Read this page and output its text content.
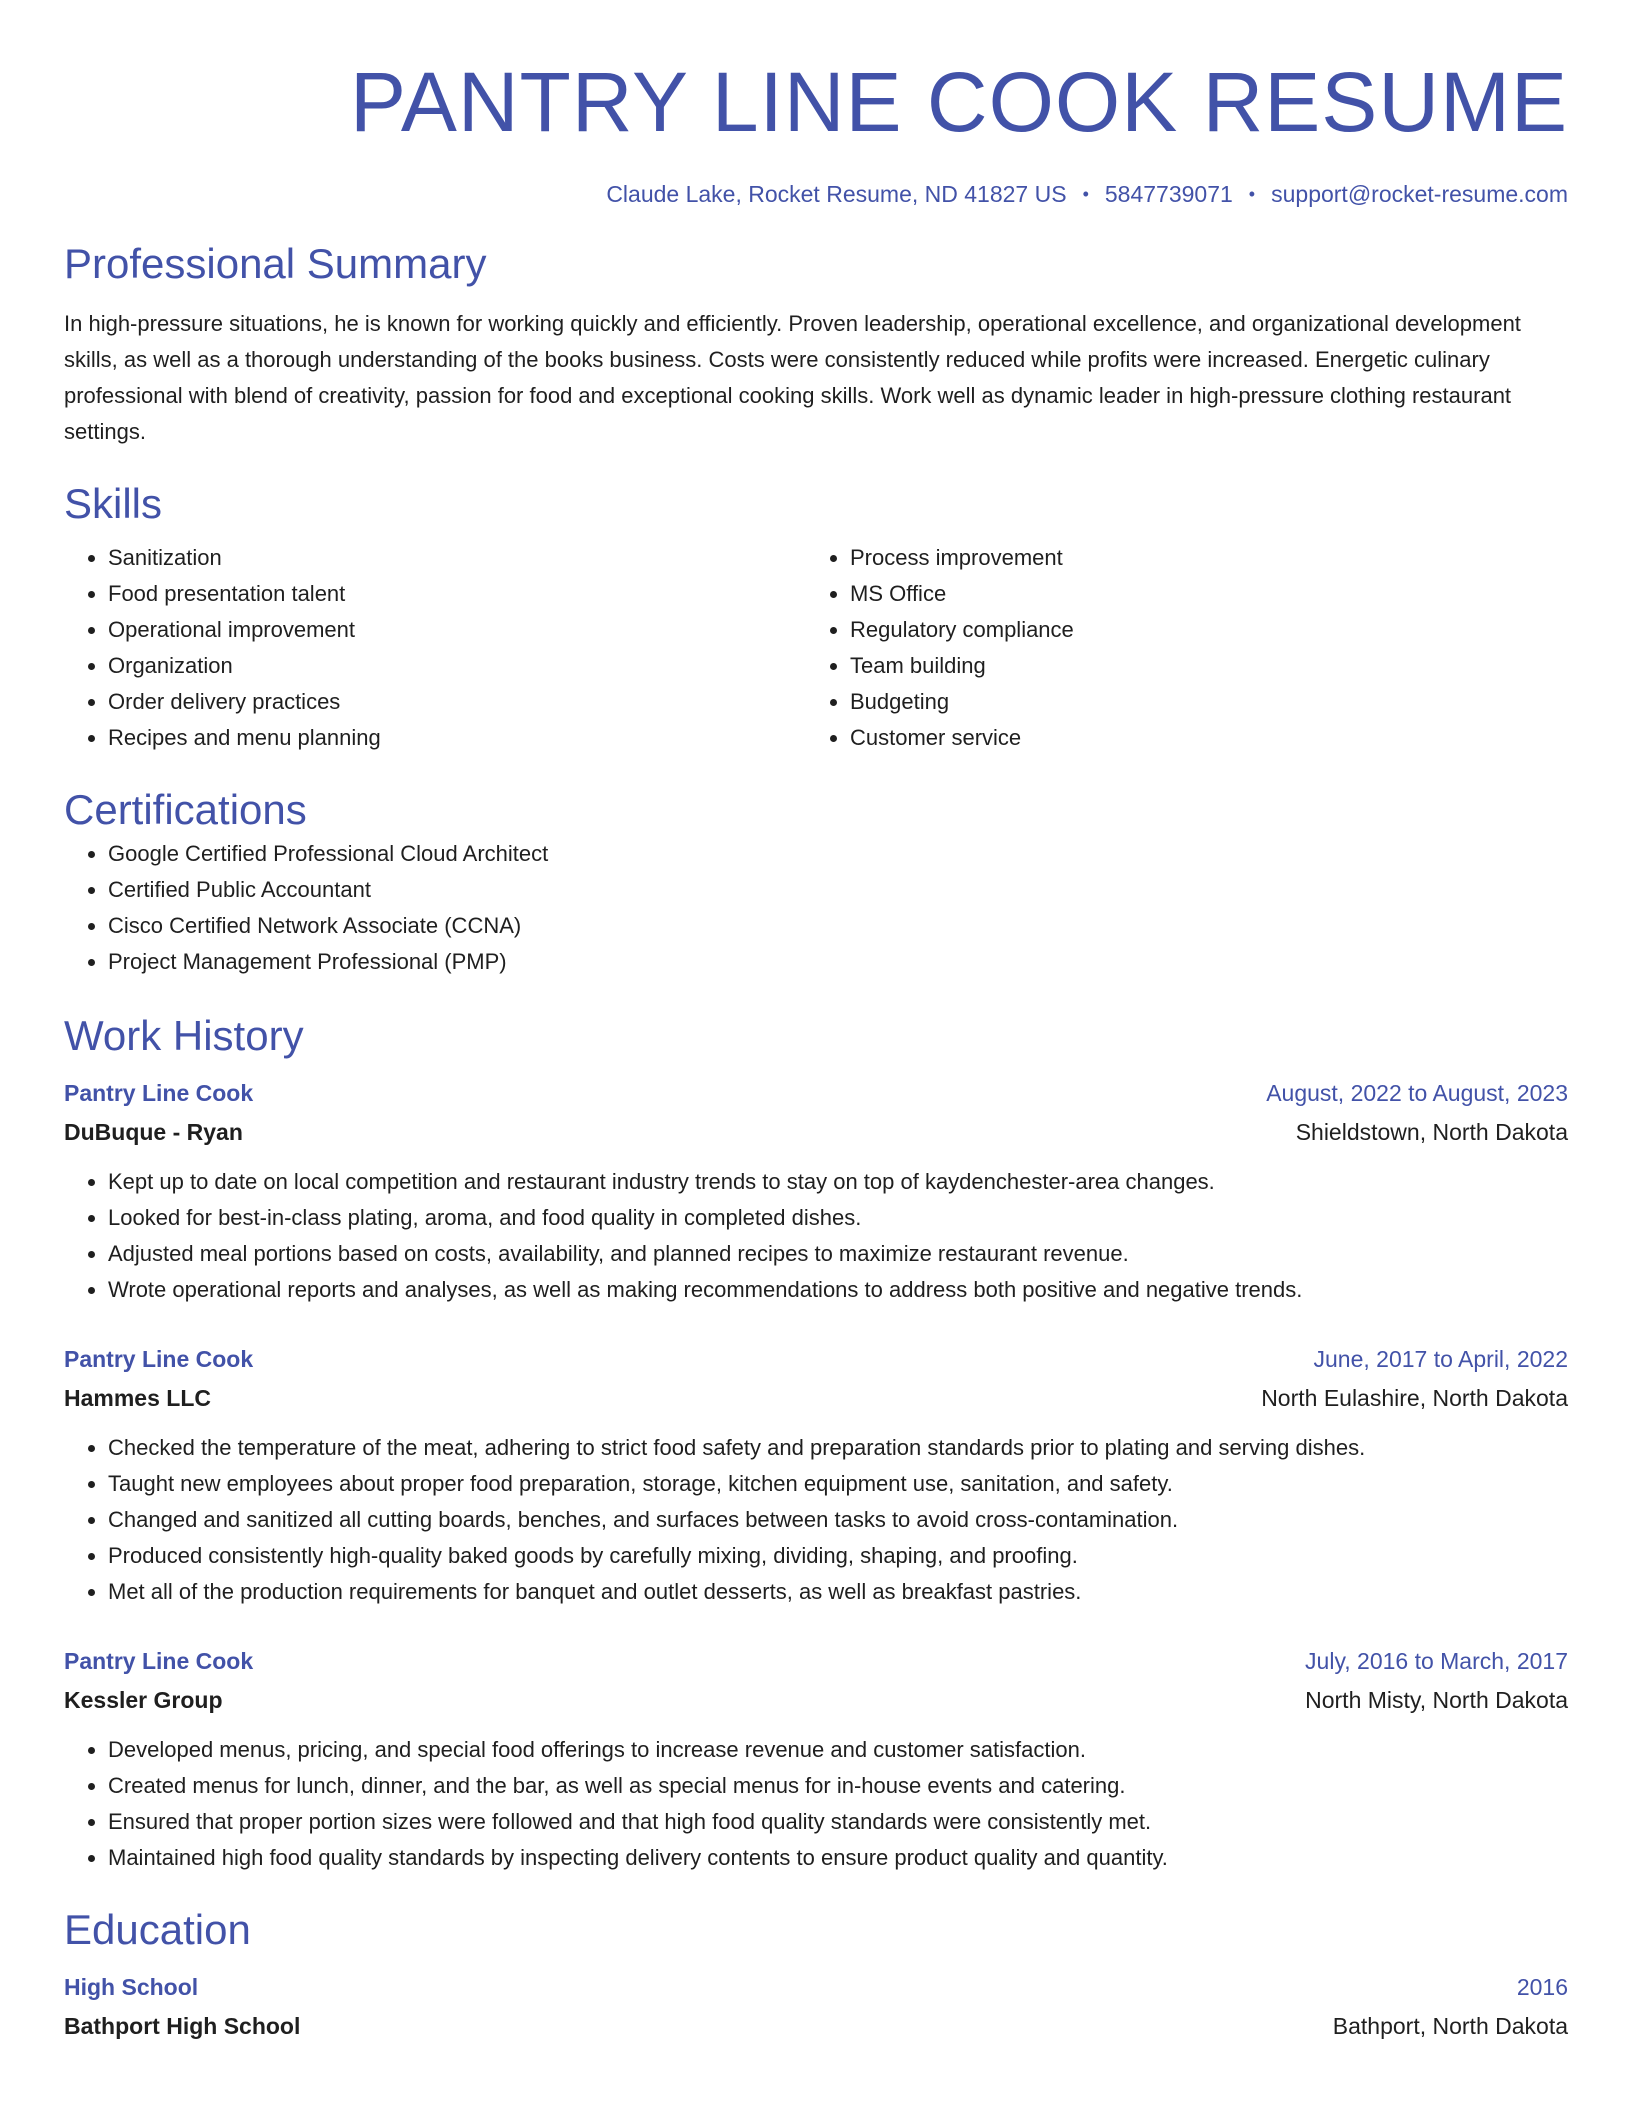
PANTRY LINE COOK RESUME
Claude Lake, Rocket Resume, ND 41827 US • 5847739071 • support@rocket-resume.com
Professional Summary

In high-pressure situations, he is known for working quickly and efficiently. Proven leadership, operational excellence, and organizational development skills, as well as a thorough understanding of the books business. Costs were consistently reduced while profits were increased. Energetic culinary professional with blend of creativity, passion for food and exceptional cooking skills. Work well as dynamic leader in high-pressure clothing restaurant settings.

Skills
• Sanitization
• Food presentation talent
• Operational improvement
• Organization
• Order delivery practices
• Recipes and menu planning
• Process improvement
• MS Office
• Regulatory compliance
• Team building
• Budgeting
• Customer service
Certifications
• Google Certified Professional Cloud Architect
• Certified Public Accountant
• Cisco Certified Network Associate (CCNA)
• Project Management Professional (PMP)
Work History
Pantry Line Cook	August, 2022 to August, 2023
DuBuque - Ryan	Shieldstown, North Dakota
• Kept up to date on local competition and restaurant industry trends to stay on top of kaydenchester-area changes.
• Looked for best-in-class plating, aroma, and food quality in completed dishes.
• Adjusted meal portions based on costs, availability, and planned recipes to maximize restaurant revenue.
• Wrote operational reports and analyses, as well as making recommendations to address both positive and negative trends.
Pantry Line Cook	June, 2017 to April, 2022
Hammes LLC	North Eulashire, North Dakota
• Checked the temperature of the meat, adhering to strict food safety and preparation standards prior to plating and serving dishes.
• Taught new employees about proper food preparation, storage, kitchen equipment use, sanitation, and safety.
• Changed and sanitized all cutting boards, benches, and surfaces between tasks to avoid cross-contamination.
• Produced consistently high-quality baked goods by carefully mixing, dividing, shaping, and proofing.
• Met all of the production requirements for banquet and outlet desserts, as well as breakfast pastries.
Pantry Line Cook	July, 2016 to March, 2017
Kessler Group	North Misty, North Dakota
• Developed menus, pricing, and special food offerings to increase revenue and customer satisfaction.
• Created menus for lunch, dinner, and the bar, as well as special menus for in-house events and catering.
• Ensured that proper portion sizes were followed and that high food quality standards were consistently met.
• Maintained high food quality standards by inspecting delivery contents to ensure product quality and quantity.
Education
High School	2016
Bathport High School	Bathport, North Dakota
